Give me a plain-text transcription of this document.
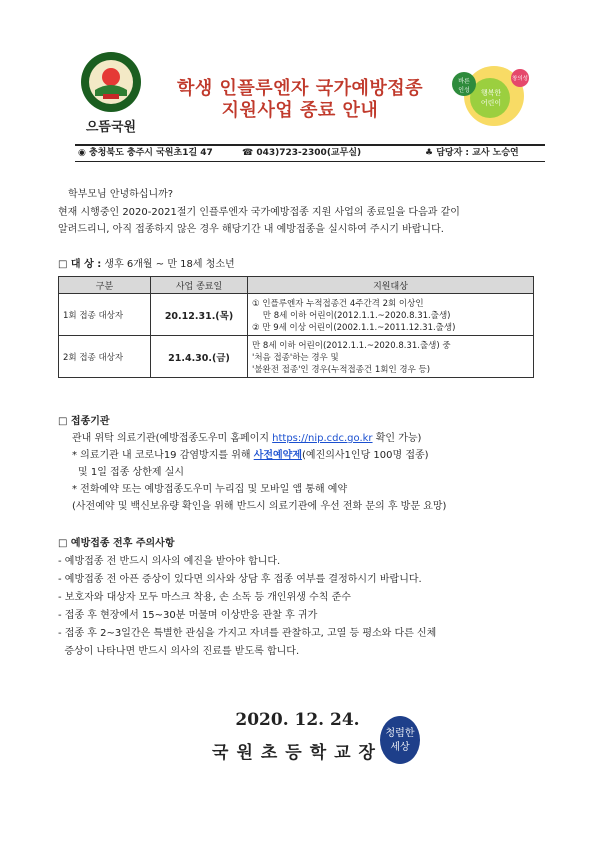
으뜸국원
학생 인플루엔자 국가예방접종
지원사업 종료 안내
바른
인성	행복한
어린이
창의성
◉ 충청북도 충주시 국원초1길 47	☎ 043)723-2300(교무실)	♣ 담당자 : 교사 노승연
학부모님 안녕하십니까?
현재 시행중인 2020-2021절기 인플루엔자 국가예방접종 지원 사업의 종료일을 다음과 같이
알려드리니, 아직 접종하지 않은 경우 해당기간 내 예방접종을 실시하여 주시기 바랍니다.
□ 대 상 : 생후 6개월 ~ 만 18세 청소년
구분	사업 종료일	지원대상
1회 접종 대상자	20.12.31.(목)	① 인플루엔자 누적접종건 4주간격 2회 이상인
만 8세 이하 어린이(2012.1.1.~2020.8.31.출생)
② 만 9세 이상 어린이(2002.1.1.~2011.12.31.출생)

2회 접종 대상자	21.4.30.(금)	만 8세 이하 어린이(2012.1.1.~2020.8.31.출생) 중
'처음 접종'하는 경우 및
'불완전 접종'인 경우(누적접종건 1회인 경우 등)
□ 접종기관
관내 위탁 의료기관(예방접종도우미 홈페이지 https://nip.cdc.go.kr 확인 가능)
* 의료기관 내 코로나19 감염방지를 위해 사전예약제(예진의사1인당 100명 접종)
및 1일 접종 상한제 실시
* 전화예약 또는 예방접종도우미 누리집 및 모바일 앱 통해 예약
(사전예약 및 백신보유량 확인을 위해 반드시 의료기관에 우선 전화 문의 후 방문 요망)
□ 예방접종 전후 주의사항
- 예방접종 전 반드시 의사의 예진을 받아야 합니다.
- 예방접종 전 아픈 증상이 있다면 의사와 상담 후 접종 여부를 결정하시기 바랍니다.
- 보호자와 대상자 모두 마스크 착용, 손 소독 등 개인위생 수칙 준수
- 접종 후 현장에서 15~30분 머물며 이상반응 관찰 후 귀가
- 접종 후 2~3일간은 특별한 관심을 가지고 자녀를 관찰하고, 고열 등 평소와 다른 신체
증상이 나타나면 반드시 의사의 진료를 받도록 합니다.
2020. 12. 24.
국원초등학교장
청렴한
세상
